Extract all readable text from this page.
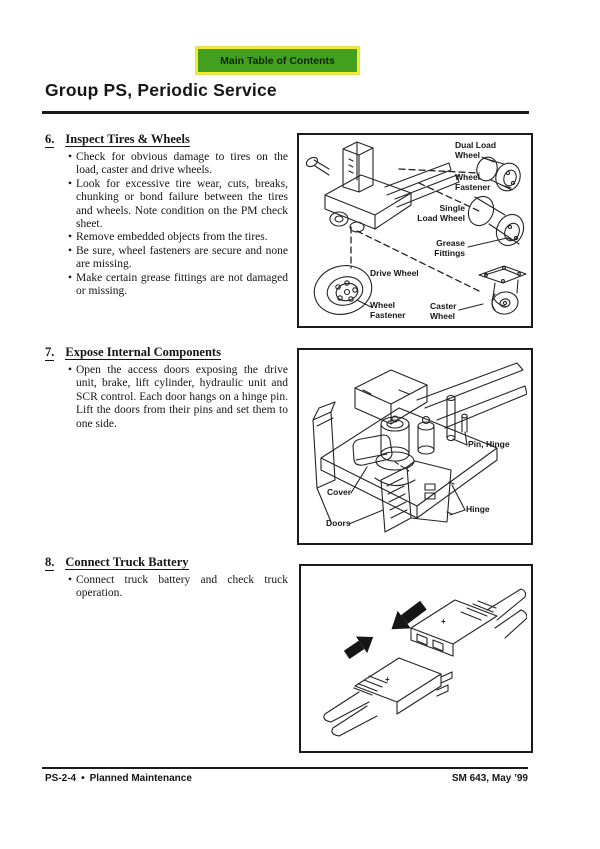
Main Table of Contents
Group PS, Periodic Service
6. Inspect Tires & Wheels
• Check for obvious damage to tires on the load, caster and drive wheels.
• Look for excessive tire wear, cuts, breaks, chunking or bond failure between the tires and wheels. Note condition on the PM check sheet.
• Remove embedded objects from the tires.
• Be sure, wheel fasteners are secure and none are missing.
• Make certain grease fittings are not damaged or missing.
7. Expose Internal Components
• Open the access doors exposing the drive unit, brake, lift cylinder, hydraulic unit and SCR control. Each door hangs on a hinge pin. Lift the doors from their pins and set them to one side.
8. Connect Truck Battery
• Connect truck battery and check truck operation.
Dual Load Wheel
Wheel Fastener
Single Load Wheel
Grease Fittings
Drive Wheel
Wheel Fastener
Caster Wheel
Pin, Hinge
Cover
Doors
Hinge
+
+
PS-2-4 • Planned Maintenance	SM 643, May ’99
